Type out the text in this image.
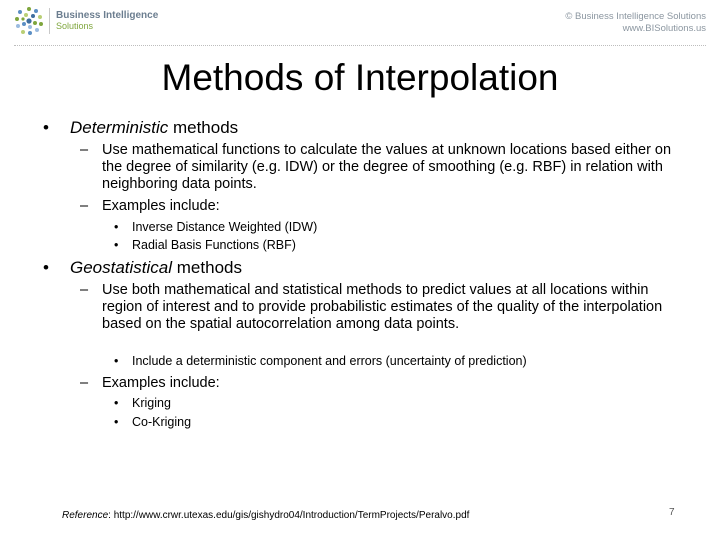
Business Intelligence
Solutions
© Business Intelligence Solutions
www.BISolutions.us
Methods of Interpolation
• Deterministic methods
– Use mathematical functions to calculate the values at unknown locations based either on the degree of similarity (e.g. IDW) or the degree of smoothing (e.g. RBF) in relation with neighboring data points.
– Examples include:
• Inverse Distance Weighted (IDW)
• Radial Basis Functions (RBF)
• Geostatistical methods
– Use both mathematical and statistical methods to predict values at all locations within region of interest and to provide probabilistic estimates of the quality of the interpolation based on the spatial autocorrelation among data points.
• Include a deterministic component and errors (uncertainty of prediction)
– Examples include:
• Kriging
• Co-Kriging
Reference: http://www.crwr.utexas.edu/gis/gishydro04/Introduction/TermProjects/Peralvo.pdf	7
